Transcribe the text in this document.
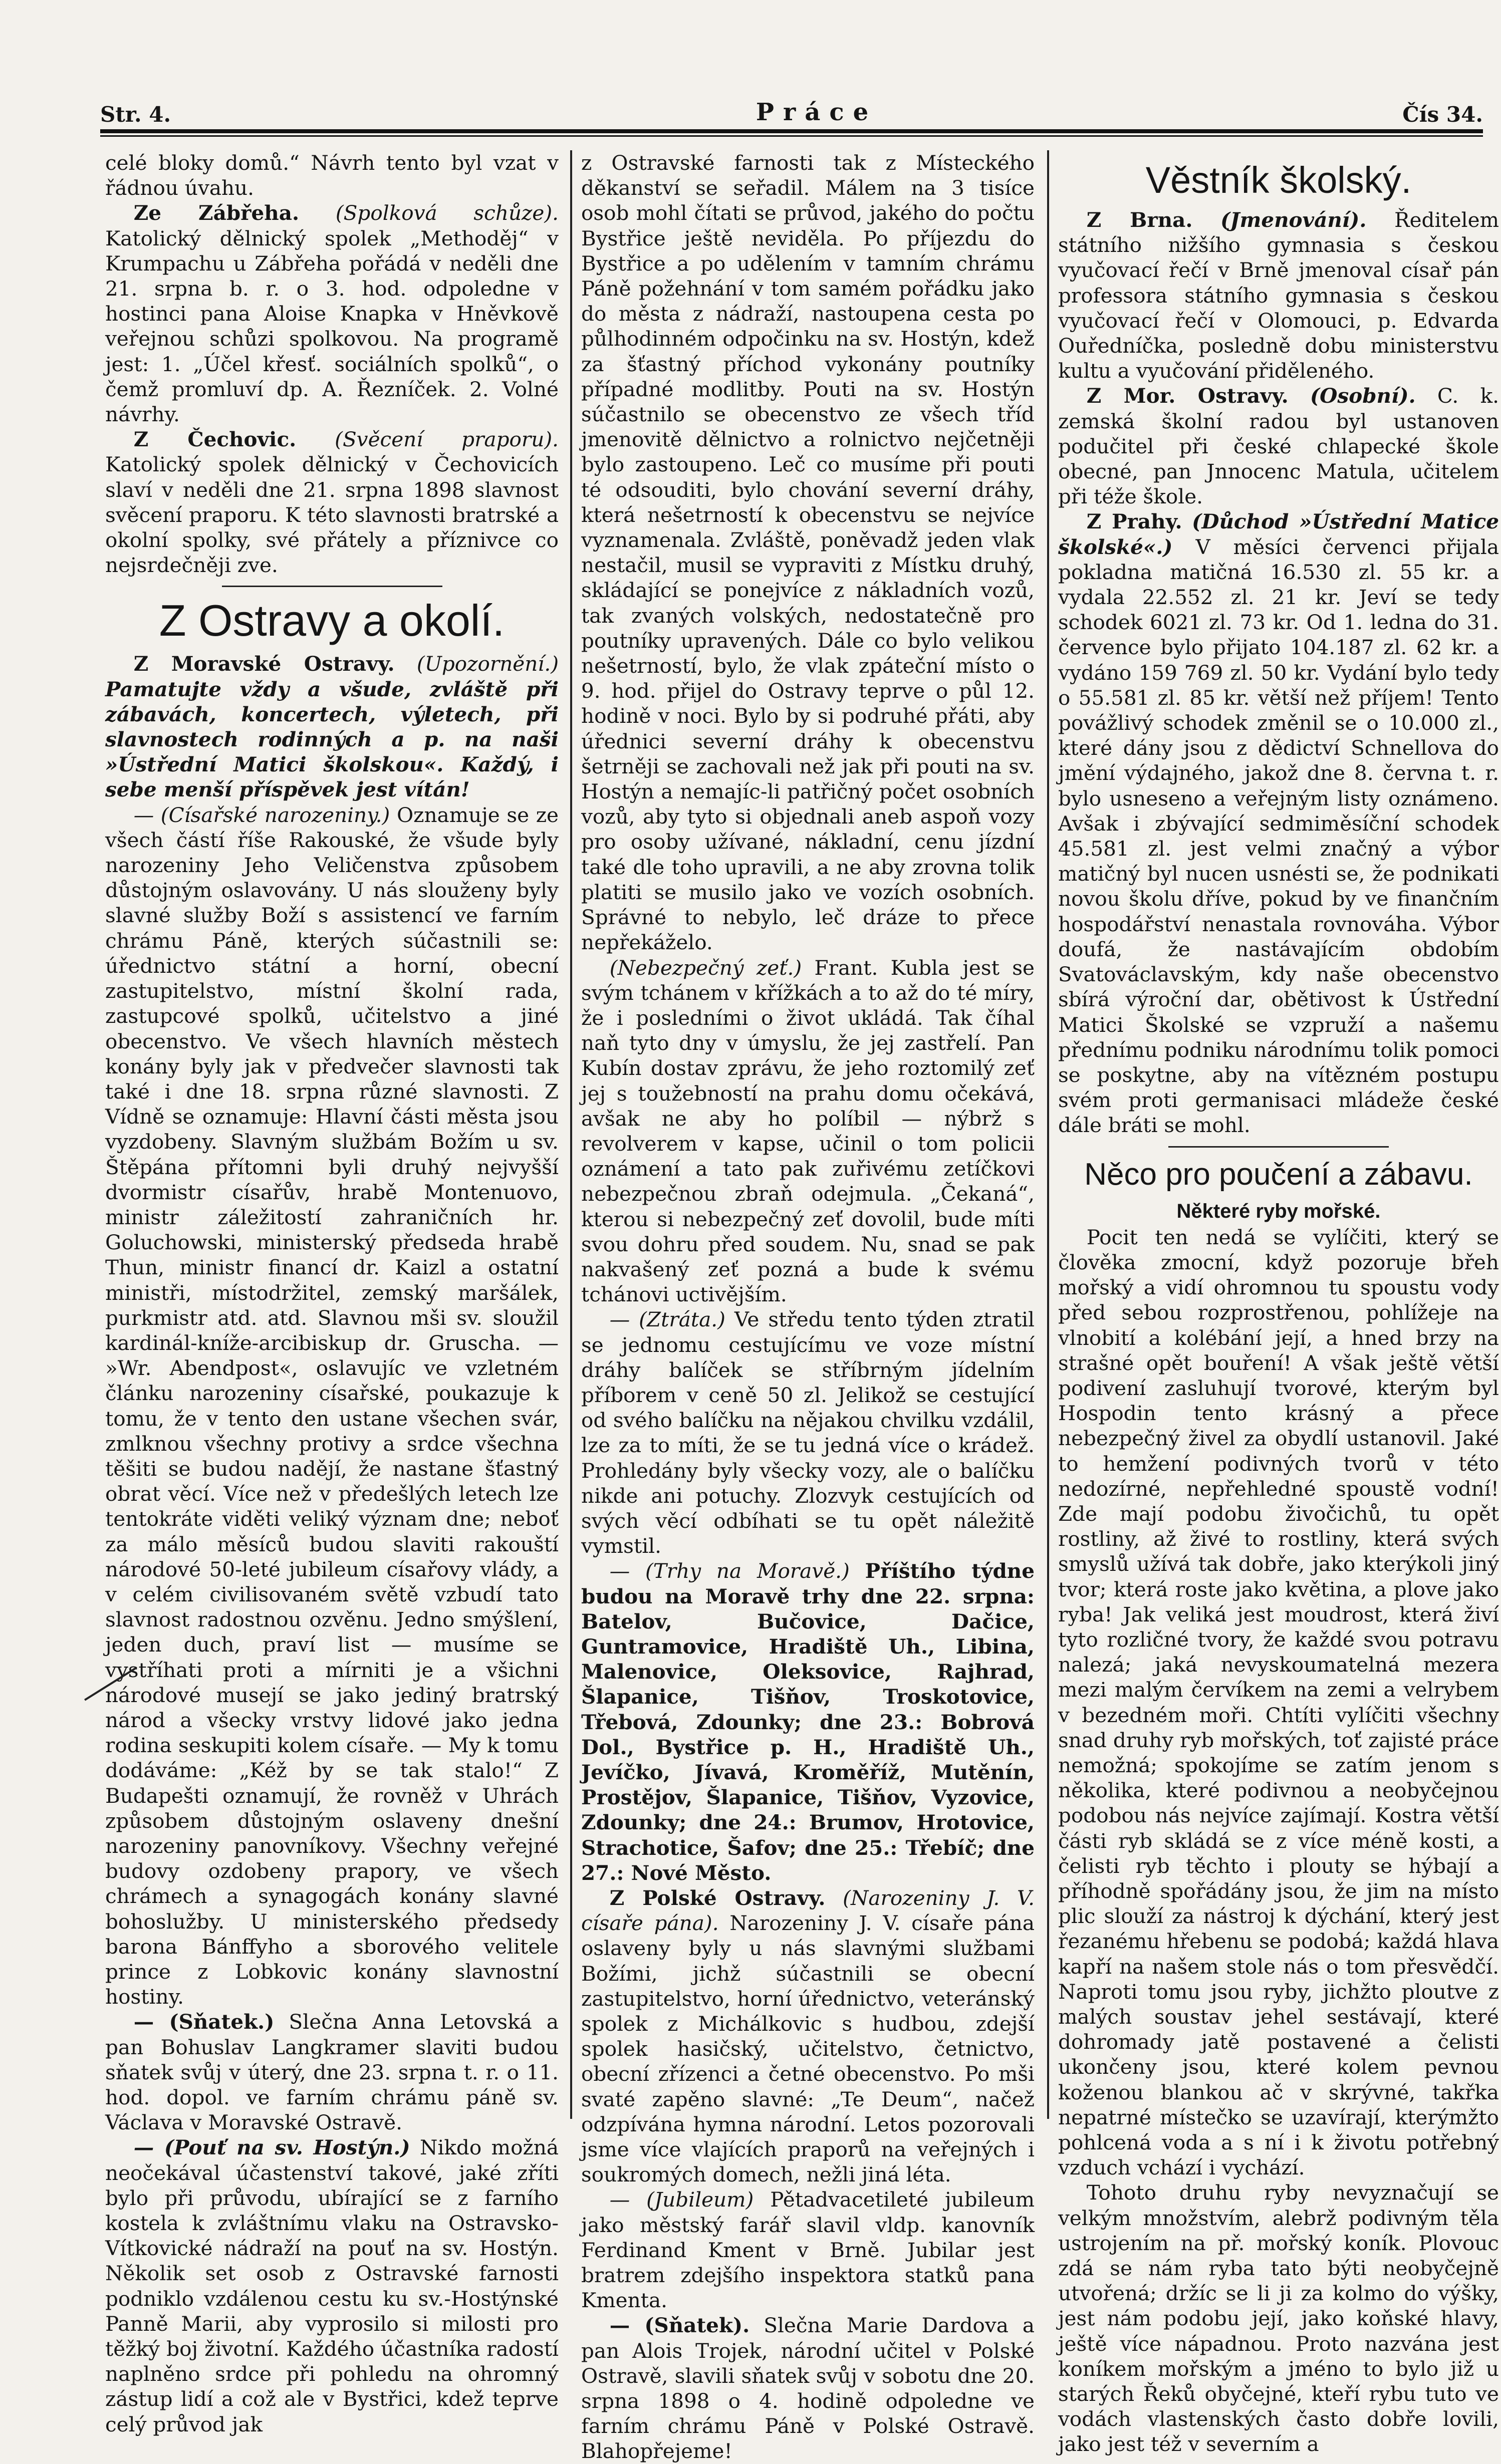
Str. 4.	Práce	Čís 34.

celé bloky domů.“ Návrh tento byl vzat v řádnou úvahu.

Ze Zábřeha. (Spolková schůze). Katolický dělnický spolek „Methoděj“ v Krumpachu u Zábřeha pořádá v neděli dne 21. srpna b. r. o 3. hod. odpoledne v hostinci pana Aloise Knapka v Hněvkově veřejnou schůzi spolkovou. Na programě jest: 1. „Účel křesť. sociálních spolků“, o čemž promluví dp. A. Řezníček. 2. Volné návrhy.

Z Čechovic. (Svěcení praporu). Katolický spolek dělnický v Čechovicích slaví v neděli dne 21. srpna 1898 slavnost svěcení praporu. K této slavnosti bratrské a okolní spolky, své přátely a příznivce co nejsrdečněji zve.

Z Ostravy a okolí.

Z Moravské Ostravy. (Upozornění.) Pamatujte vždy a všude, zvláště při zábavách, koncertech, výletech, při slavnostech rodinných a p. na naši »Ústřední Matici školskou«. Každý, i sebe menší příspěvek jest vítán!

— (Císařské narozeniny.) Oznamuje se ze všech částí říše Rakouské, že všude byly narozeniny Jeho Veličenstva způsobem důstojným oslavovány. U nás slouženy byly slavné služby Boží s assistencí ve farním chrámu Páně, kterých súčastnili se: úřednictvo státní a horní, obecní zastupitelstvo, místní školní rada, zastupcové spolků, učitelstvo a jiné obecenstvo. Ve všech hlavních městech konány byly jak v předvečer slavnosti tak také i dne 18. srpna různé slavnosti. Z Vídně se oznamuje: Hlavní části města jsou vyzdobeny. Slavným službám Božím u sv. Štěpána přítomni byli druhý nejvyšší dvormistr císařův, hrabě Montenuovo, ministr záležitostí zahraničních hr. Goluchowski, ministerský předseda hrabě Thun, ministr financí dr. Kaizl a ostatní ministři, místodržitel, zemský maršálek, purkmistr atd. atd. Slavnou mši sv. sloužil kardinál-kníže-arcibiskup dr. Gruscha. — »Wr. Abendpost«, oslavujíc ve vzletném článku narozeniny císařské, poukazuje k tomu, že v tento den ustane všechen svár, zmlknou všechny protivy a srdce všechna těšiti se budou nadějí, že nastane šťastný obrat věcí. Více než v předešlých letech lze tentokráte viděti veliký význam dne; neboť za málo měsíců budou slaviti rakouští národové 50-leté jubileum císařovy vlády, a v celém civilisovaném světě vzbudí tato slavnost radostnou ozvěnu. Jedno smýšlení, jeden duch, praví list — musíme se vystříhati proti a mírniti je a všichni národové musejí se jako jediný bratrský národ a všecky vrstvy lidové jako jedna rodina seskupiti kolem císaře. — My k tomu dodáváme: „Kéž by se tak stalo!“ Z Budapešti oznamují, že rovněž v Uhrách způsobem důstojným oslaveny dnešní narozeniny panovníkovy. Všechny veřejné budovy ozdobeny prapory, ve všech chrámech a synagogách konány slavné bohoslužby. U ministerského předsedy barona Bánffyho a sborového velitele prince z Lobkovic konány slavnostní hostiny.

— (Sňatek.) Slečna Anna Letovská a pan Bohuslav Langkramer slaviti budou sňatek svůj v úterý, dne 23. srpna t. r. o 11. hod. dopol. ve farním chrámu páně sv. Václava v Moravské Ostravě.

— (Pouť na sv. Hostýn.) Nikdo možná neočekával účastenství takové, jaké zříti bylo při průvodu, ubírající se z farního kostela k zvláštnímu vlaku na Ostravsko-Vítkovické nádraží na pouť na sv. Hostýn. Několik set osob z Ostravské farnosti podniklo vzdálenou cestu ku sv.-Hostýnské Panně Marii, aby vyprosilo si milosti pro těžký boj životní. Každého účastníka radostí naplněno srdce při pohledu na ohromný zástup lidí a což ale v Bystřici, kdež teprve celý průvod jak

z Ostravské farnosti tak z Místeckého děkanství se seřadil. Málem na 3 tisíce osob mohl čítati se průvod, jakého do počtu Bystřice ještě neviděla. Po příjezdu do Bystřice a po udělením v tamním chrámu Páně požehnání v tom samém pořádku jako do města z nádraží, nastoupena cesta po půlhodinném odpočinku na sv. Hostýn, kdež za šťastný příchod vykonány poutníky případné modlitby. Pouti na sv. Hostýn súčastnilo se obecenstvo ze všech tříd jmenovitě dělnictvo a rolnictvo nejčetněji bylo zastoupeno. Leč co musíme při pouti té odsouditi, bylo chování severní dráhy, která nešetrností k obecenstvu se nejvíce vyznamenala. Zvláště, poněvadž jeden vlak nestačil, musil se vypraviti z Místku druhý, skládající se ponejvíce z nákladních vozů, tak zvaných volských, nedostatečně pro poutníky upravených. Dále co bylo velikou nešetrností, bylo, že vlak zpáteční místo o 9. hod. přijel do Ostravy teprve o půl 12. hodině v noci. Bylo by si podruhé přáti, aby úřednici severní dráhy k obecenstvu šetrněji se zachovali než jak při pouti na sv. Hostýn a nemajíc-li patřičný počet osobních vozů, aby tyto si objednali aneb aspoň vozy pro osoby užívané, nákladní, cenu jízdní také dle toho upravili, a ne aby zrovna tolik platiti se musilo jako ve vozích osobních. Správné to nebylo, leč dráze to přece nepřekáželo.

(Nebezpečný zeť.) Frant. Kubla jest se svým tchánem v křížkách a to až do té míry, že i posledními o život ukládá. Tak číhal naň tyto dny v úmyslu, že jej zastřelí. Pan Kubín dostav zprávu, že jeho roztomilý zeť jej s toužebností na prahu domu očekává, avšak ne aby ho políbil — nýbrž s revolverem v kapse, učinil o tom policii oznámení a tato pak zuřivému zetíčkovi nebezpečnou zbraň odejmula. „Čekaná“, kterou si nebezpečný zeť dovolil, bude míti svou dohru před soudem. Nu, snad se pak nakvašený zeť pozná a bude k svému tchánovi uctivějším.

— (Ztráta.) Ve středu tento týden ztratil se jednomu cestujícímu ve voze místní dráhy balíček se stříbrným jídelním příborem v ceně 50 zl. Jelikož se cestující od svého balíčku na nějakou chvilku vzdálil, lze za to míti, že se tu jedná více o krádež. Prohledány byly všecky vozy, ale o balíčku nikde ani potuchy. Zlozvyk cestujících od svých věcí odbíhati se tu opět náležitě vymstil.

— (Trhy na Moravě.) Příštího týdne budou na Moravě trhy dne 22. srpna: Batelov, Bučovice, Dačice, Guntramovice, Hradiště Uh., Libina, Malenovice, Oleksovice, Rajhrad, Šlapanice, Tišňov, Troskotovice, Třebová, Zdounky; dne 23.: Bobrová Dol., Bystřice p. H., Hradiště Uh., Jevíčko, Jívavá, Kroměříž, Mutěnín, Prostějov, Šlapanice, Tišňov, Vyzovice, Zdounky; dne 24.: Brumov, Hrotovice, Strachotice, Šafov; dne 25.: Třebíč; dne 27.: Nové Město.

Z Polské Ostravy. (Narozeniny J. V. císaře pána). Narozeniny J. V. císaře pána oslaveny byly u nás slavnými službami Božími, jichž súčastnili se obecní zastupitelstvo, horní úřednictvo, veteránský spolek z Michálkovic s hudbou, zdejší spolek hasičský, učitelstvo, četnictvo, obecní zřízenci a četné obecenstvo. Po mši svaté zapěno slavné: „Te Deum“, načež odzpívána hymna národní. Letos pozorovali jsme více vlajících praporů na veřejných i soukromých domech, nežli jiná léta.

— (Jubileum) Pětadvacetileté jubileum jako městský farář slavil vldp. kanovník Ferdinand Kment v Brně. Jubilar jest bratrem zdejšího inspektora statků pana Kmenta.

— (Sňatek). Slečna Marie Dardova a pan Alois Trojek, národní učitel v Polské Ostravě, slavili sňatek svůj v sobotu dne 20. srpna 1898 o 4. hodině odpoledne ve farním chrámu Páně v Polské Ostravě. Blahopřejeme!

Věstník školský.

Z Brna. (Jmenování). Ředitelem státního nižšího gymnasia s českou vyučovací řečí v Brně jmenoval císař pán professora státního gymnasia s českou vyučovací řečí v Olomouci, p. Edvarda Ouředníčka, posledně dobu ministerstvu kultu a vyučování přiděleného.

Z Mor. Ostravy. (Osobní). C. k. zemská školní radou byl ustanoven podučitel při české chlapecké škole obecné, pan Jnnocenc Matula, učitelem při téže škole.

Z Prahy. (Důchod »Ústřední Matice školské«.) V měsíci červenci přijala pokladna matičná 16.530 zl. 55 kr. a vydala 22.552 zl. 21 kr. Jeví se tedy schodek 6021 zl. 73 kr. Od 1. ledna do 31. července bylo přijato 104.187 zl. 62 kr. a vydáno 159 769 zl. 50 kr. Vydání bylo tedy o 55.581 zl. 85 kr. větší než příjem! Tento povážlivý schodek změnil se o 10.000 zl., které dány jsou z dědictví Schnellova do jmění výdajného, jakož dne 8. června t. r. bylo usneseno a veřejným listy oznámeno. Avšak i zbývající sedmiměsíční schodek 45.581 zl. jest velmi značný a výbor matičný byl nucen usnésti se, že podnikati novou školu dříve, pokud by ve finančním hospodářství nenastala rovnováha. Výbor doufá, že nastávajícím obdobím Svatováclavským, kdy naše obecenstvo sbírá výroční dar, obětivost k Ústřední Matici Školské se vzpruží a našemu přednímu podniku národnímu tolik pomoci se poskytne, aby na vítězném postupu svém proti germanisaci mládeže české dále bráti se mohl.

Něco pro poučení a zábavu.
Některé ryby mořské.

Pocit ten nedá se vylíčiti, který se člověka zmocní, když pozoruje břeh mořský a vidí ohromnou tu spoustu vody před sebou rozprostřenou, pohlížeje na vlnobití a kolébání její, a hned brzy na strašné opět bouření! A však ještě větší podivení zasluhují tvorové, kterým byl Hospodin tento krásný a přece nebezpečný živel za obydlí ustanovil. Jaké to hemžení podivných tvorů v této nedozírné, nepřehledné spoustě vodní! Zde mají podobu živočichů, tu opět rostliny, až živé to rostliny, která svých smyslů užívá tak dobře, jako kterýkoli jiný tvor; která roste jako květina, a plove jako ryba! Jak veliká jest moudrost, která živí tyto rozličné tvory, že každé svou potravu nalezá; jaká nevyskoumatelná mezera mezi malým červíkem na zemi a velrybem v bezedném moři. Chtíti vylíčiti všechny snad druhy ryb mořských, toť zajisté práce nemožná; spokojíme se zatím jenom s několika, které podivnou a neobyčejnou podobou nás nejvíce zajímají. Kostra větší části ryb skládá se z více méně kosti, a čelisti ryb těchto i plouty se hýbají a příhodně spořádány jsou, že jim na místo plic slouží za nástroj k dýchání, který jest řezanému hřebenu se podobá; každá hlava kapří na našem stole nás o tom přesvědčí. Naproti tomu jsou ryby, jichžto ploutve z malých soustav jehel sestávají, které dohromady jatě postavené a čelisti ukončeny jsou, které kolem pevnou koženou blankou ač v skrývné, takřka nepatrné místečko se uzavírají, kterýmžto pohlcená voda a s ní i k životu potřebný vzduch vchází i vychází.

Tohoto druhu ryby nevyznačují se velkým množstvím, alebrž podivným těla ustrojením na př. mořský koník. Plovouc zdá se nám ryba tato býti neobyčejně utvořená; držíc se li ji za kolmo do výšky, jest nám podobu její, jako koňské hlavy, ještě více nápadnou. Proto nazvána jest koníkem mořským a jméno to bylo již u starých Řeků obyčejné, kteří rybu tuto ve vodách vlastenských často dobře lovili, jako jest též v severním a
